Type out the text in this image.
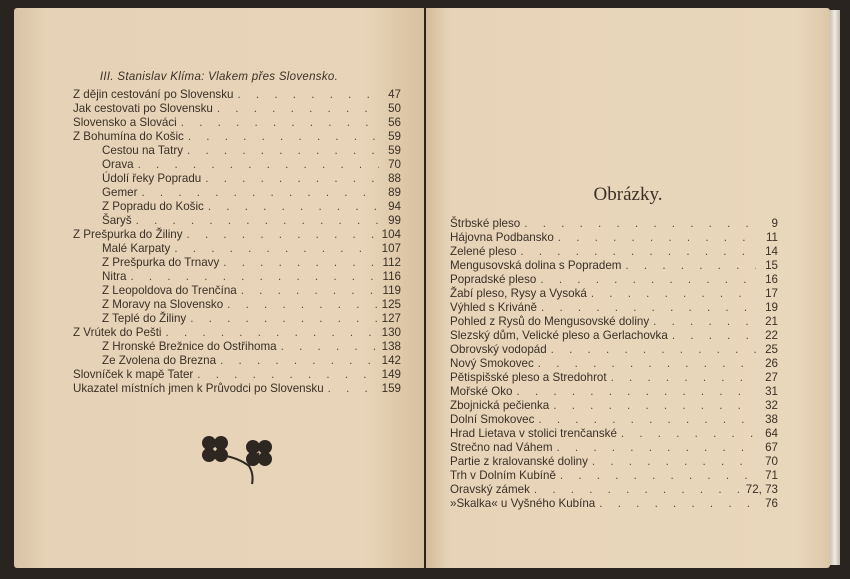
III. Stanislav Klíma: Vlakem přes Slovensko.
Z dějin cestování po Slovensku . . .	47
Jak cestovati po Slovensku . . .	50
Slovensko a Slováci . . .	56
Z Bohumína do Košic . . .	59
Cestou na Tatry . . .	59
Orava . . .	70
Údolí řeky Popradu . . .	88
Gemer . . .	89
Z Popradu do Košic . . .	94
Šaryš . . .	99
Z Prešpurka do Žiliny . . .	104
Malé Karpaty . . .	107
Z Prešpurka do Trnavy . . .	112
Nitra . . .	116
Z Leopoldova do Trenčína . . .	119
Z Moravy na Slovensko . . .	125
Z Teplé do Žiliny . . .	127
Z Vrútek do Pešti . . .	130
Z Hronské Brežnice do Ostřihoma . . .	138
Ze Zvolena do Brezna . . .	142
Slovníček k mapě Tater . . .	149
Ukazatel místních jmen k Průvodci po Slovensku . . .	159
Obrázky.
Štrbské pleso . . .	9
Hájovna Podbansko . . .	11
Zelené pleso . . .	14
Mengusovská dolina s Popradem . . .	15
Popradské pleso . . .	16
Žabí pleso, Rysy a Vysoká . . .	17
Výhled s Kriváně . . .	19
Pohled z Rysů do Mengusovské doliny . . .	21
Slezský dům, Velické pleso a Gerlachovka . . .	22
Obrovský vodopád . . .	25
Nový Smokovec . . .	26
Pětispišské pleso a Stredohrot . . .	27
Mořské Oko . . .	31
Zbojnická pečienka . . .	32
Dolní Smokovec . . .	38
Hrad Lietava v stolici trenčanské . . .	64
Strečno nad Váhem . . .	67
Partie z kralovanské doliny . . .	70
Trh v Dolním Kubíně . . .	71
Oravský zámek . . .	72, 73
»Skalka« u Vyšného Kubína . . .	76
